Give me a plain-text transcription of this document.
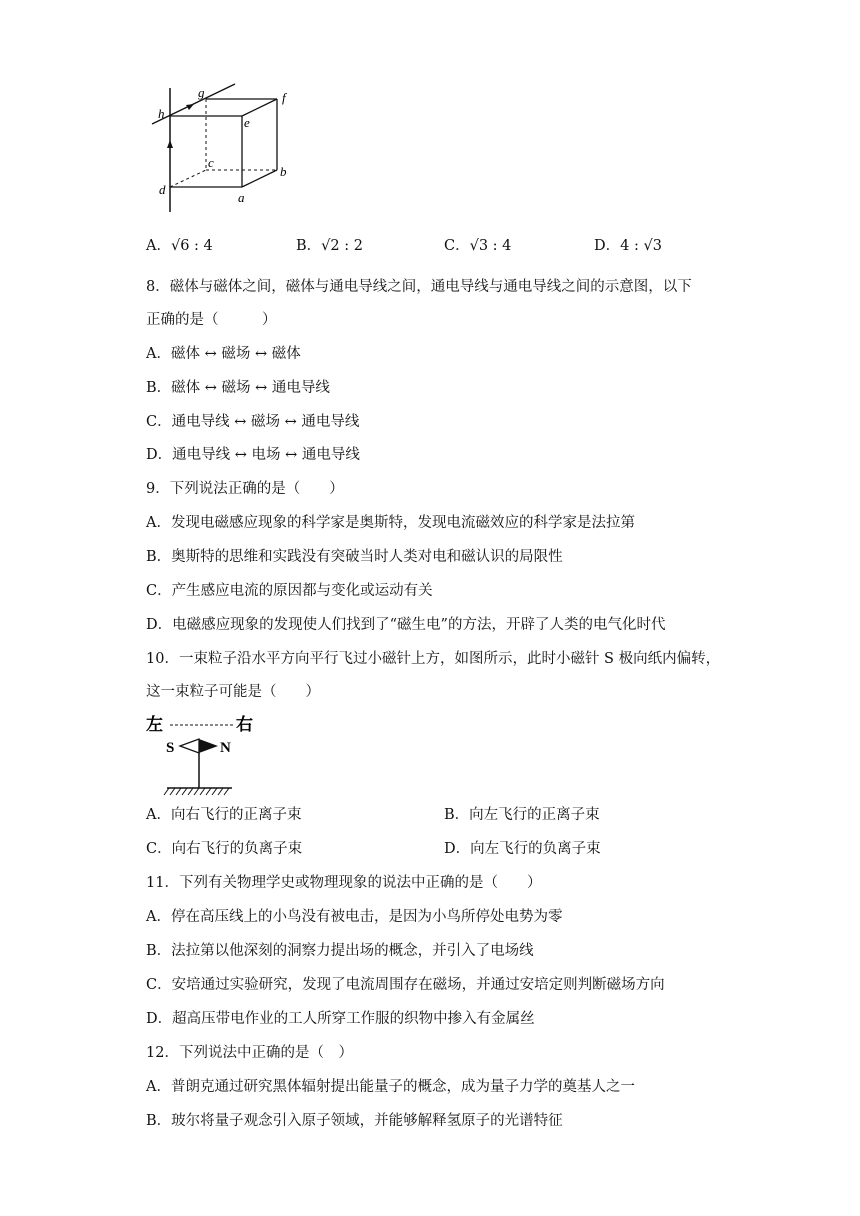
h
g	f
e
c
b
d
a
A．√6 : 4	B．√2 : 2	C．√3 : 4	D．4 : √3
8．磁体与磁体之间，磁体与通电导线之间，通电导线与通电导线之间的示意图，以下
正确的是（　　　）
A．磁体 ↔ 磁场 ↔ 磁体
B．磁体 ↔ 磁场 ↔ 通电导线
C．通电导线 ↔ 磁场 ↔ 通电导线
D．通电导线 ↔ 电场 ↔ 通电导线
9．下列说法正确的是（　　）
A．发现电磁感应现象的科学家是奥斯特，发现电流磁效应的科学家是法拉第
B．奥斯特的思维和实践没有突破当时人类对电和磁认识的局限性
C．产生感应电流的原因都与变化或运动有关
D．电磁感应现象的发现使人们找到了“磁生电”的方法，开辟了人类的电气化时代
10．一束粒子沿水平方向平行飞过小磁针上方，如图所示，此时小磁针 S 极向纸内偏转，
这一束粒子可能是（　　）
左	右
S	N
A．向右飞行的正离子束	B．向左飞行的正离子束
C．向右飞行的负离子束	D．向左飞行的负离子束
11．下列有关物理学史或物理现象的说法中正确的是（　　）
A．停在高压线上的小鸟没有被电击，是因为小鸟所停处电势为零
B．法拉第以他深刻的洞察力提出场的概念，并引入了电场线
C．安培通过实验研究，发现了电流周围存在磁场，并通过安培定则判断磁场方向
D．超高压带电作业的工人所穿工作服的织物中掺入有金属丝
12．下列说法中正确的是（　）
A．普朗克通过研究黑体辐射提出能量子的概念，成为量子力学的奠基人之一
B．玻尔将量子观念引入原子领域，并能够解释氢原子的光谱特征
